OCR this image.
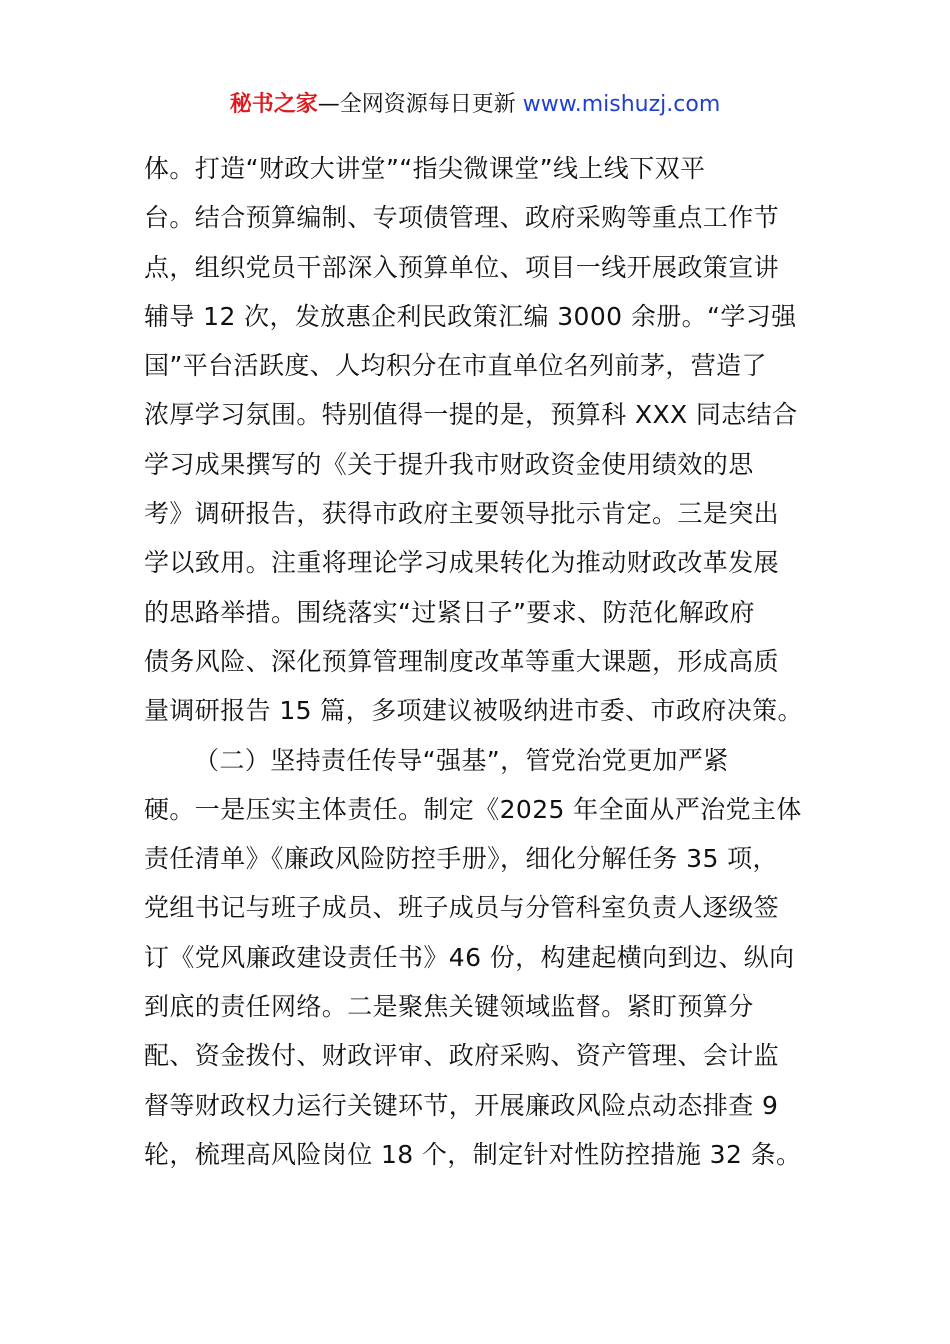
秘书之家—全网资源每日更新 www.mishuzj.com
体。打造“财政大讲堂”“指尖微课堂”线上线下双平
台。结合预算编制、专项债管理、政府采购等重点工作节
点，组织党员干部深入预算单位、项目一线开展政策宣讲
辅导 12 次，发放惠企利民政策汇编 3000 余册。“学习强
国”平台活跃度、人均积分在市直单位名列前茅，营造了
浓厚学习氛围。特别值得一提的是，预算科 XXX 同志结合
学习成果撰写的《关于提升我市财政资金使用绩效的思
考》调研报告，获得市政府主要领导批示肯定。三是突出
学以致用。注重将理论学习成果转化为推动财政改革发展
的思路举措。围绕落实“过紧日子”要求、防范化解政府
债务风险、深化预算管理制度改革等重大课题，形成高质
量调研报告 15 篇，多项建议被吸纳进市委、市政府决策。
（二）坚持责任传导“强基”，管党治党更加严紧
硬。一是压实主体责任。制定《2025 年全面从严治党主体
责任清单》《廉政风险防控手册》，细化分解任务 35 项，
党组书记与班子成员、班子成员与分管科室负责人逐级签
订《党风廉政建设责任书》46 份，构建起横向到边、纵向
到底的责任网络。二是聚焦关键领域监督。紧盯预算分
配、资金拨付、财政评审、政府采购、资产管理、会计监
督等财政权力运行关键环节，开展廉政风险点动态排查 9
轮，梳理高风险岗位 18 个，制定针对性防控措施 32 条。
